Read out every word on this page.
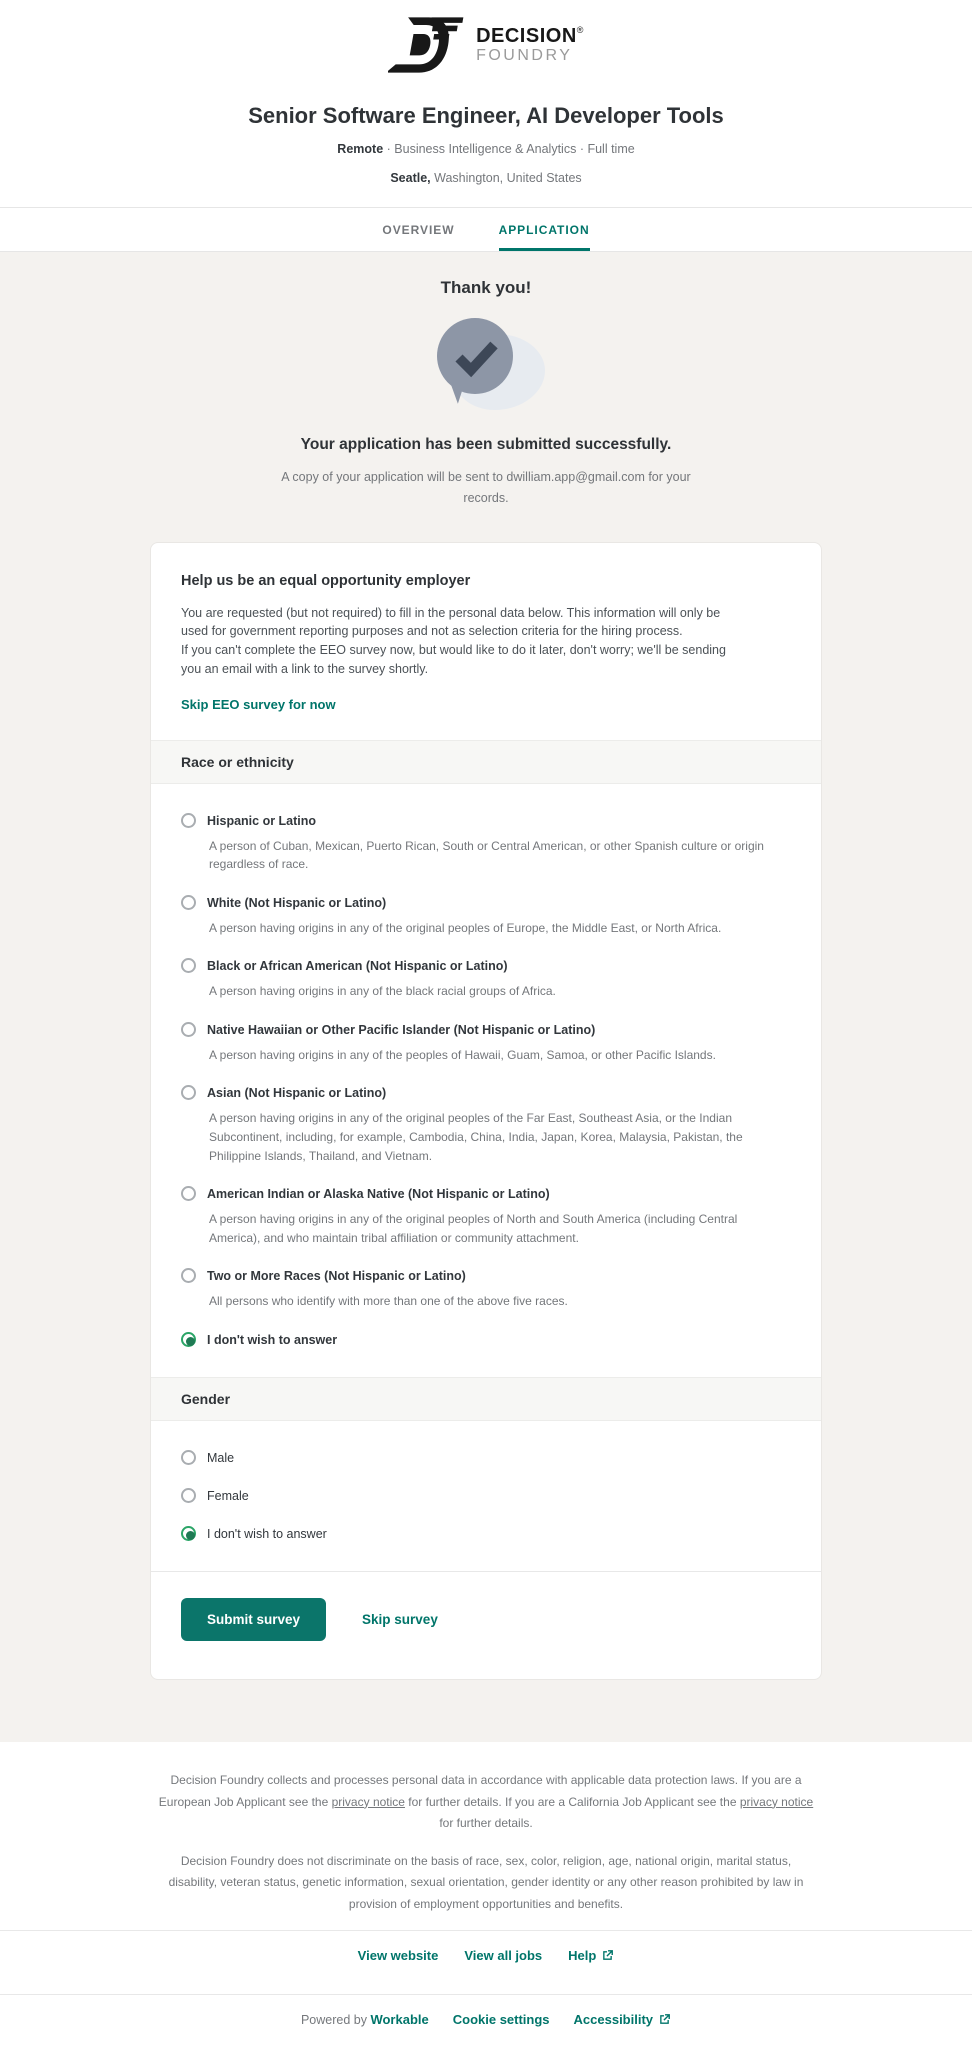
DECISION®
FOUNDRY
Senior Software Engineer, AI Developer Tools
Remote · Business Intelligence & Analytics · Full time
Seatle, Washington, United States
OVERVIEW	APPLICATION
Thank you!
Your application has been submitted successfully.
A copy of your application will be sent to dwilliam.app@gmail.com for your records.
Help us be an equal opportunity employer

You are requested (but not required) to fill in the personal data below. This information will only be used for government reporting purposes and not as selection criteria for the hiring process.

If you can't complete the EEO survey now, but would like to do it later, don't worry; we'll be sending you an email with a link to the survey shortly.

Skip EEO survey for now
Race or ethnicity
Hispanic or Latino
A person of Cuban, Mexican, Puerto Rican, South or Central American, or other Spanish culture or origin regardless of race.
White (Not Hispanic or Latino)
A person having origins in any of the original peoples of Europe, the Middle East, or North Africa.
Black or African American (Not Hispanic or Latino)
A person having origins in any of the black racial groups of Africa.
Native Hawaiian or Other Pacific Islander (Not Hispanic or Latino)
A person having origins in any of the peoples of Hawaii, Guam, Samoa, or other Pacific Islands.
Asian (Not Hispanic or Latino)
A person having origins in any of the original peoples of the Far East, Southeast Asia, or the Indian Subcontinent, including, for example, Cambodia, China, India, Japan, Korea, Malaysia, Pakistan, the Philippine Islands, Thailand, and Vietnam.
American Indian or Alaska Native (Not Hispanic or Latino)
A person having origins in any of the original peoples of North and South America (including Central America), and who maintain tribal affiliation or community attachment.
Two or More Races (Not Hispanic or Latino)
All persons who identify with more than one of the above five races.
I don't wish to answer
Gender
Male
Female
I don't wish to answer
Submit survey	Skip survey

Decision Foundry collects and processes personal data in accordance with applicable data protection laws. If you are a European Job Applicant see the privacy notice for further details. If you are a California Job Applicant see the privacy notice for further details.

Decision Foundry does not discriminate on the basis of race, sex, color, religion, age, national origin, marital status, disability, veteran status, genetic information, sexual orientation, gender identity or any other reason prohibited by law in provision of employment opportunities and benefits.

View website View all jobs Help
Powered by Workable Cookie settings Accessibility
